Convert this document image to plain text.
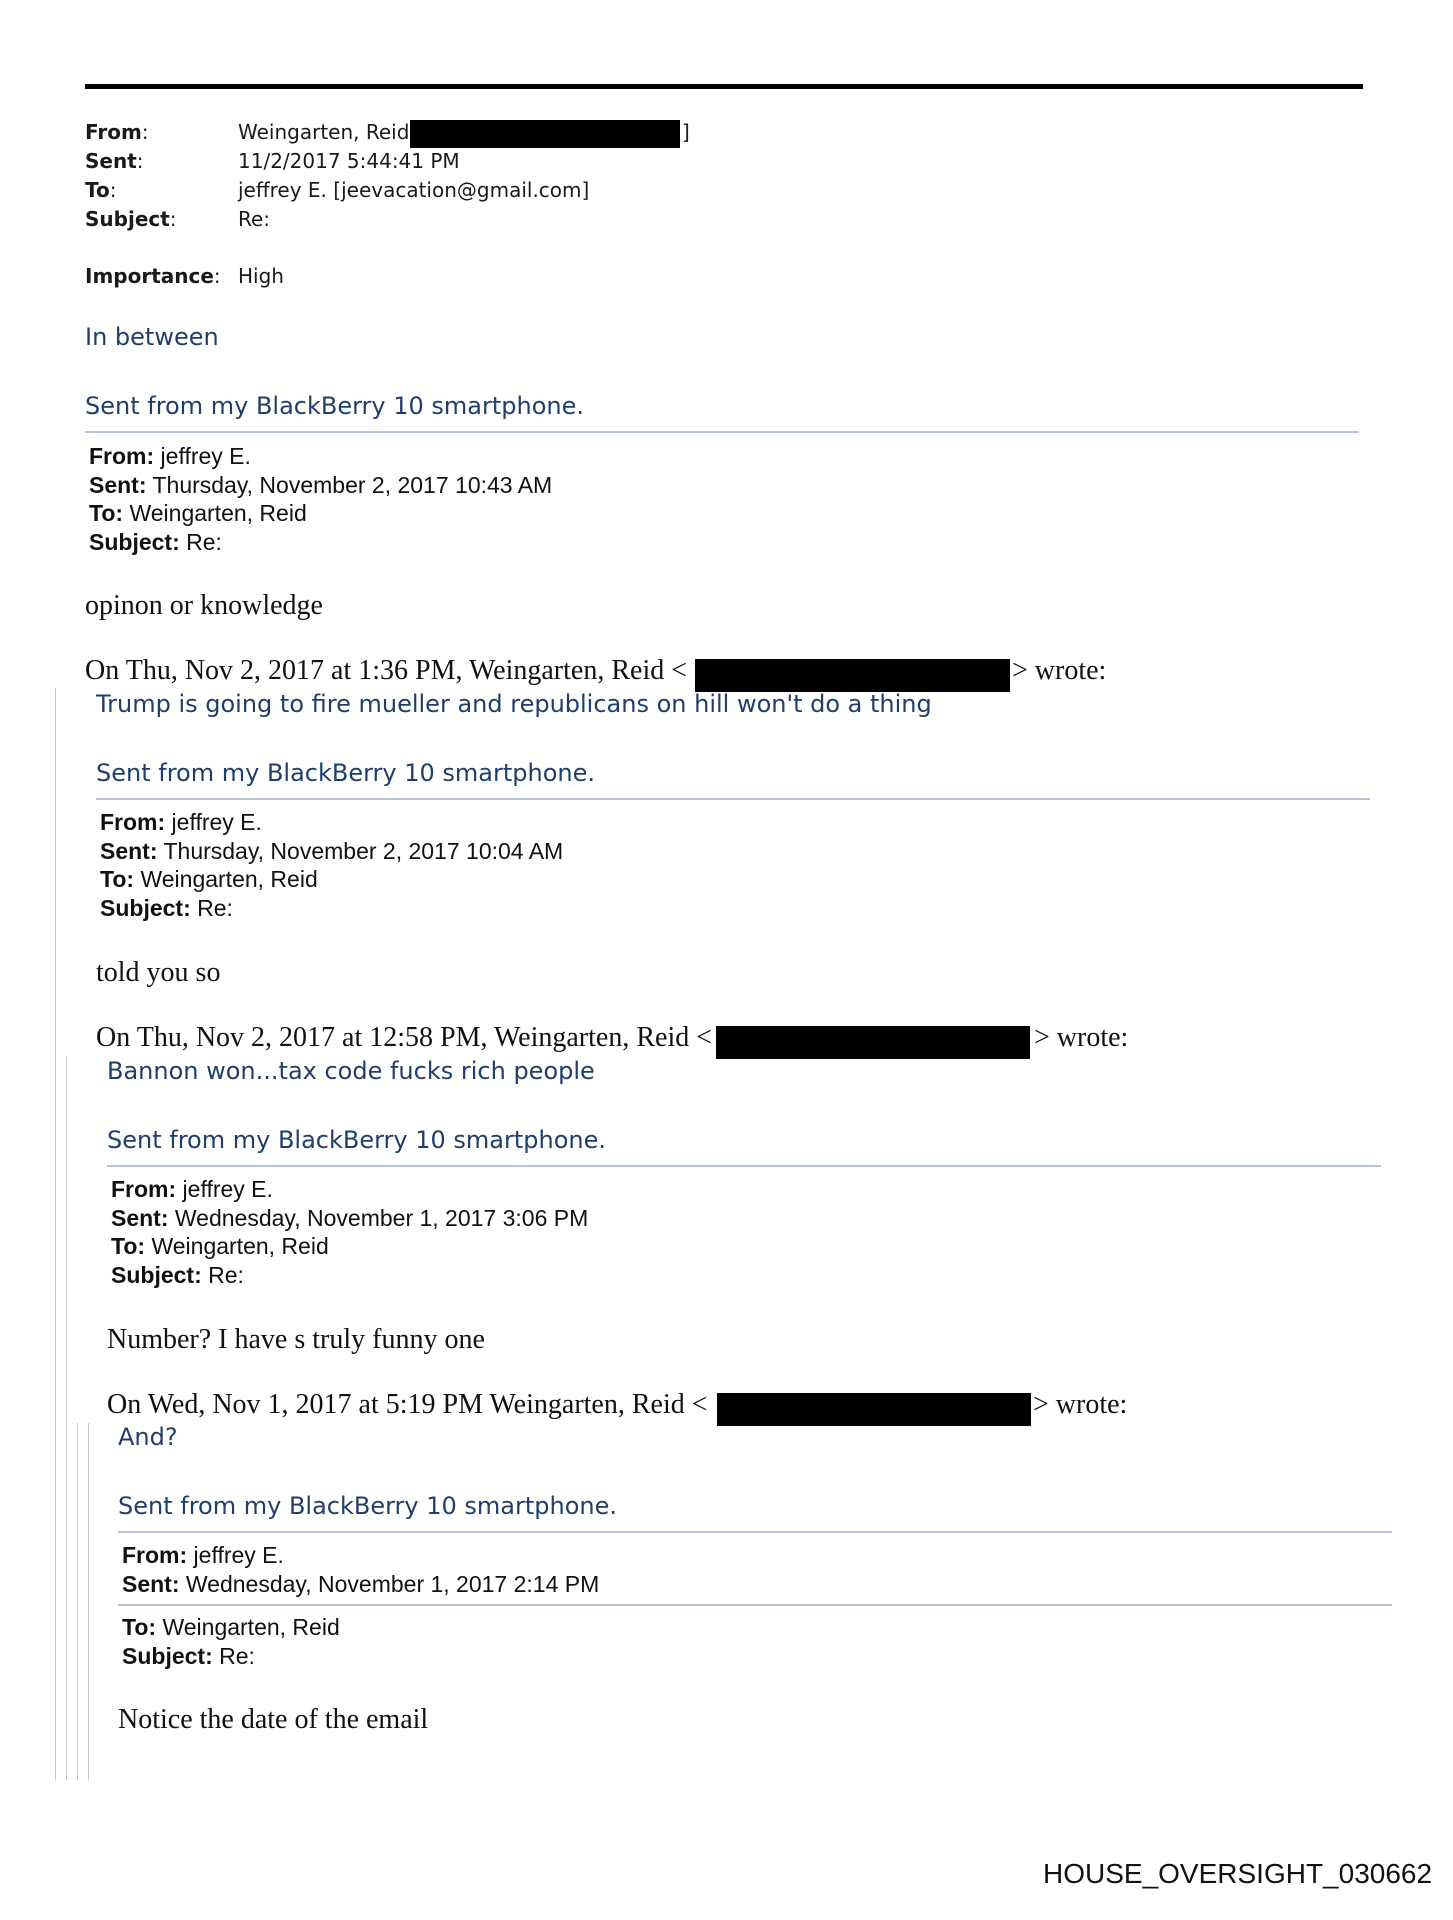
From:	Weingarten, Reid	]
Sent:	11/2/2017 5:44:41 PM
To:	jeffrey E. [jeevacation@gmail.com]
Subject:	Re:
Importance: High
In between
Sent from my BlackBerry 10 smartphone.
From: jeffrey E.
Sent: Thursday, November 2, 2017 10:43 AM
To: Weingarten, Reid
Subject: Re:
opinon or knowledge
On Thu, Nov 2, 2017 at 1:36 PM, Weingarten, Reid <	> wrote:
Trump is going to fire mueller and republicans on hill won't do a thing
Sent from my BlackBerry 10 smartphone.
From: jeffrey E.
Sent: Thursday, November 2, 2017 10:04 AM
To: Weingarten, Reid
Subject: Re:
told you so
On Thu, Nov 2, 2017 at 12:58 PM, Weingarten, Reid <	> wrote:
Bannon won...tax code fucks rich people
Sent from my BlackBerry 10 smartphone.
From: jeffrey E.
Sent: Wednesday, November 1, 2017 3:06 PM
To: Weingarten, Reid
Subject: Re:
Number? I have s truly funny one
On Wed, Nov 1, 2017 at 5:19 PM Weingarten, Reid <	> wrote:
And?
Sent from my BlackBerry 10 smartphone.
From: jeffrey E.
Sent: Wednesday, November 1, 2017 2:14 PM
To: Weingarten, Reid
Subject: Re:
Notice the date of the email
HOUSE_OVERSIGHT_030662
